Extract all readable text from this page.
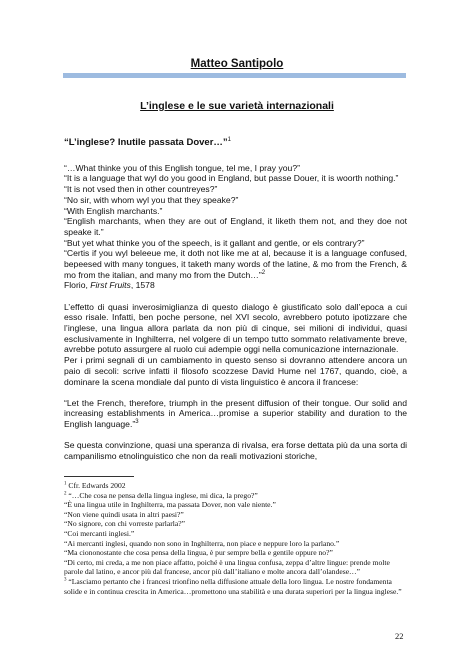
Matteo Santipolo
L’inglese e le sue varietà internazionali

“L’inglese? Inutile passata Dover…”$^1$

“…What thinke you of this English tongue, tel me, I pray you?”

“It is a language that wyl do you good in England, but passe Douer, it is woorth nothing.”

“It is not vsed then in other countreyes?”

“No sir, with whom wyl you that they speake?”

“With English marchants.”

“English marchants, when they are out of England, it liketh them not, and they doe not speake it.”

“But yet what thinke you of the speech, is it gallant and gentle, or els contrary?”

“Certis if you wyl beleeue me, it doth not like me at al, because it is a language confused, bepeesed with many tongues, it taketh many words of the latine, & mo from the French, & mo from the italian, and many mo from the Dutch…”$^2$

Florio, First Fruits, 1578

L’effetto di quasi inverosimiglianza di questo dialogo è giustificato solo dall’epoca a cui esso risale. Infatti, ben poche persone, nel XVI secolo, avrebbero potuto ipotizzare che l’inglese, una lingua allora parlata da non più di cinque, sei milioni di individui, quasi esclusivamente in Inghilterra, nel volgere di un tempo tutto sommato relativamente breve, avrebbe potuto assurgere al ruolo cui adempie oggi nella comunicazione internazionale.

Per i primi segnali di un cambiamento in questo senso si dovranno attendere ancora un paio di secoli: scrive infatti il filosofo scozzese David Hume nel 1767, quando, cioè, a dominare la scena mondiale dal punto di vista linguistico è ancora il francese:

“Let the French, therefore, triumph in the present diffusion of their tongue. Our solid and increasing establishments in America…promise a superior stability and duration to the English language.”$^3$

Se questa convinzione, quasi una speranza di rivalsa, era forse dettata più da una sorta di campanilismo etnolinguistico che non da reali motivazioni storiche,

$^1$ Cfr. Edwards 2002

$^2$ “…Che cosa ne pensa della lingua inglese, mi dica, la prego?”

“È una lingua utile in Inghilterra, ma passata Dover, non vale niente.”

“Non viene quindi usata in altri paesi?”

“No signore, con chi vorreste parlarla?”

“Coi mercanti inglesi.”

“Ai mercanti inglesi, quando non sono in Inghilterra, non piace e neppure loro la parlano.”

“Ma ciononostante che cosa pensa della lingua, è pur sempre bella e gentile oppure no?”

“Di certo, mi creda, a me non piace affatto, poiché è una lingua confusa, zeppa d’altre lingue: prende molte parole dal latino, e ancor più dal francese, ancor più dall’italiano e molte ancora dall’olandese…”

$^3$ “Lasciamo pertanto che i francesi trionfino nella diffusione attuale della loro lingua. Le nostre fondamenta solide e in continua crescita in America…promettono una stabilità e una durata superiori per la lingua inglese.”

22
